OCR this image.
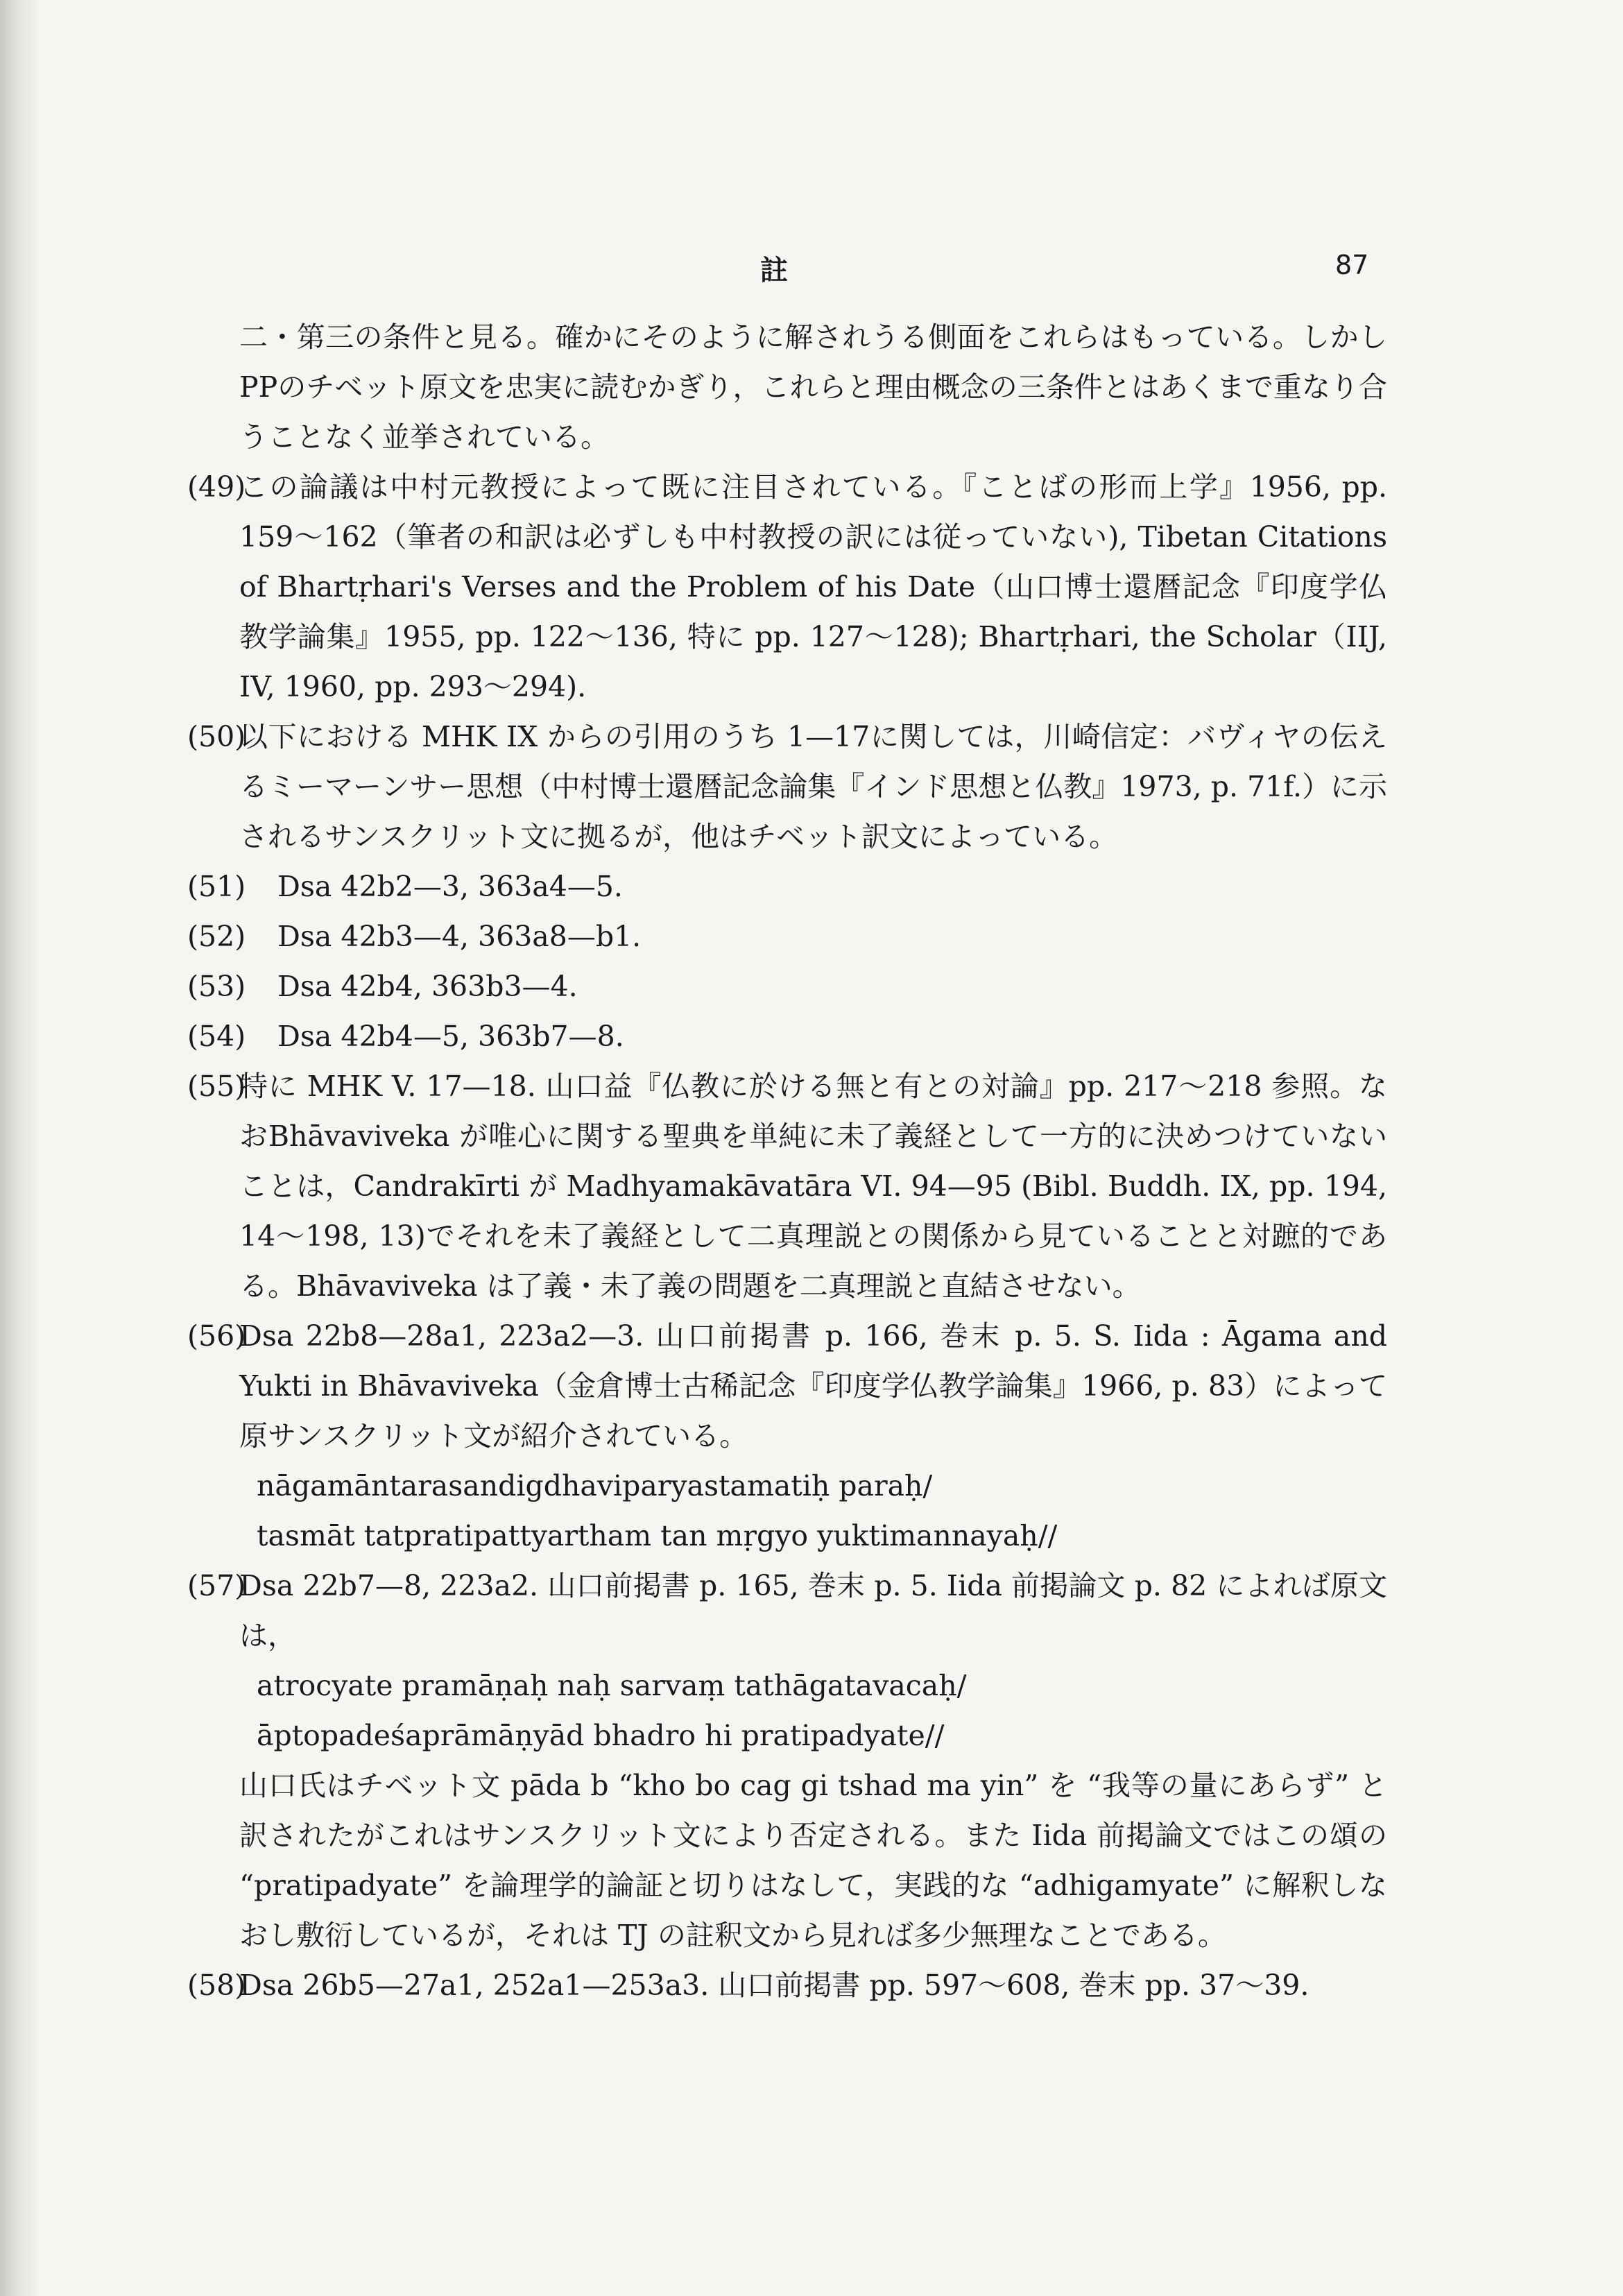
註	87

二・第三の条件と見る。確かにそのように解されうる側面をこれらはもっている。しかしPPのチベット原文を忠実に読むかぎり，これらと理由概念の三条件とはあくまで重なり合うことなく並挙されている。

(49)
この論議は中村元教授によって既に注目されている。『ことばの形而上学』1956, pp. 159〜162（筆者の和訳は必ずしも中村教授の訳には従っていない), Tibetan Citations of Bhartṛhari's Verses and the Problem of his Date（山口博士還暦記念『印度学仏教学論集』1955, pp. 122〜136, 特に pp. 127〜128); Bhartṛhari, the Scholar（IIJ, IV, 1960, pp. 293〜294).
(50)
以下における MHK IX からの引用のうち 1—17に関しては，川崎信定：バヴィヤの伝えるミーマーンサー思想（中村博士還暦記念論集『インド思想と仏教』1973, p. 71f.）に示されるサンスクリット文に拠るが，他はチベット訳文によっている。
(51)	Dsa 42b2—3, 363a4—5.
(52)	Dsa 42b3—4, 363a8—b1.
(53)	Dsa 42b4, 363b3—4.
(54)	Dsa 42b4—5, 363b7—8.
(55)
特に MHK V. 17—18. 山口益『仏教に於ける無と有との対論』pp. 217〜218 参照。なおBhāvaviveka が唯心に関する聖典を単純に未了義経として一方的に決めつけていないことは，Candrakīrti が Madhyamakāvatāra VI. 94—95 (Bibl. Buddh. IX, pp. 194, 14〜198, 13)でそれを未了義経として二真理説との関係から見ていることと対蹠的である。Bhāvaviveka は了義・未了義の問題を二真理説と直結させない。
(56)
Dsa 22b8—28a1, 223a2—3. 山口前掲書 p. 166, 巻末 p. 5. S. Iida : Āgama and Yukti in Bhāvaviveka（金倉博士古稀記念『印度学仏教学論集』1966, p. 83）によって原サンスクリット文が紹介されている。

nāgamāntarasandigdhaviparyastamatiḥ paraḥ/

tasmāt tatpratipattyartham tan mṛgyo yuktimannayaḥ//

(57)
Dsa 22b7—8, 223a2. 山口前掲書 p. 165, 巻末 p. 5. Iida 前掲論文 p. 82 によれば原文は，

atrocyate pramāṇaḥ naḥ sarvaṃ tathāgatavacaḥ/

āptopadeśaprāmāṇyād bhadro hi pratipadyate//

山口氏はチベット文 pāda b “kho bo cag gi tshad ma yin” を “我等の量にあらず” と訳されたがこれはサンスクリット文により否定される。また Iida 前掲論文ではこの頌の “pratipadyate” を論理学的論証と切りはなして，実践的な “adhigamyate” に解釈しなおし敷衍しているが，それは TJ の註釈文から見れば多少無理なことである。

(58)
Dsa 26b5—27a1, 252a1—253a3. 山口前掲書 pp. 597〜608, 巻末 pp. 37〜39.
